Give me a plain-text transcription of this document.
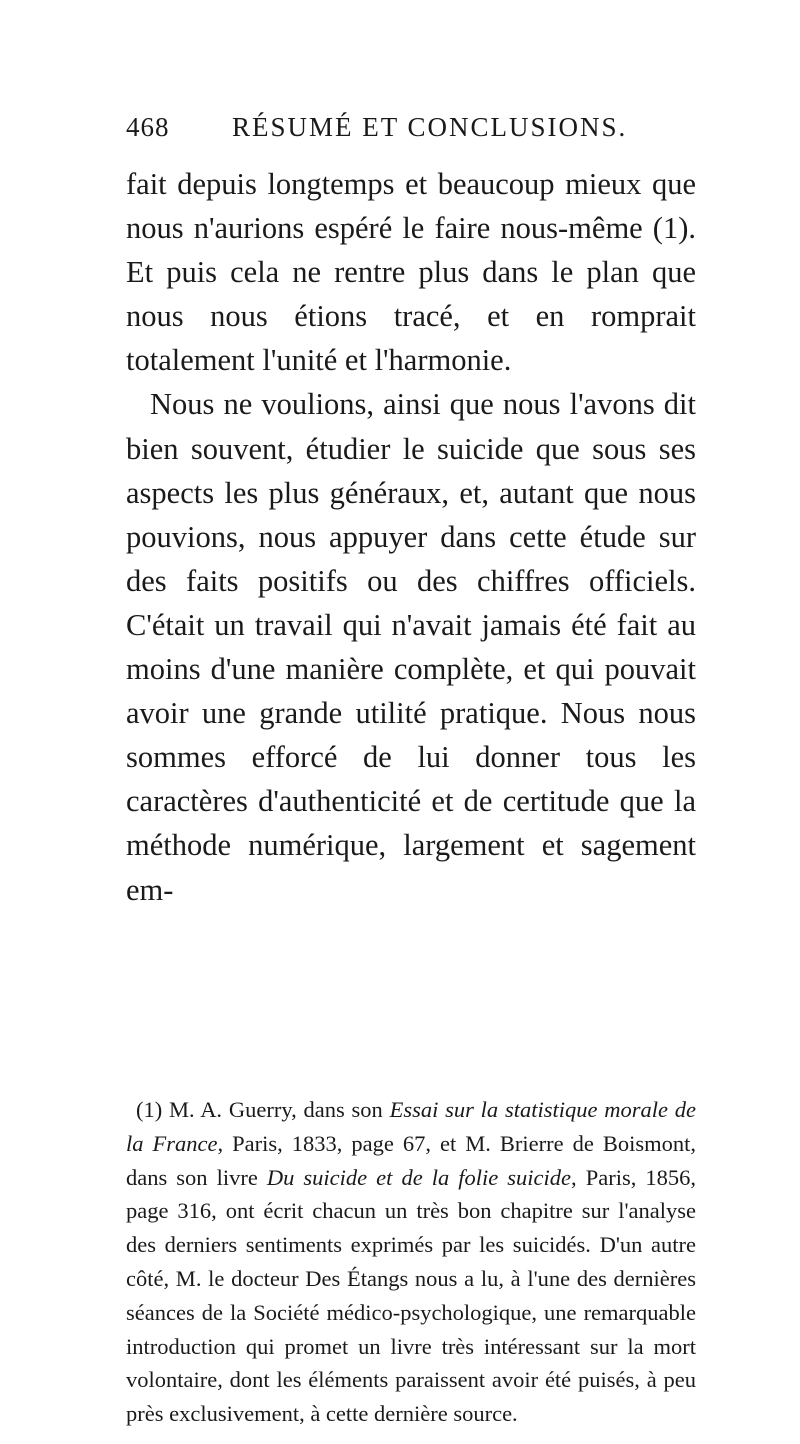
468 RÉSUMÉ ET CONCLUSIONS.

fait depuis longtemps et beaucoup mieux que nous n'aurions espéré le faire nous-même (1). Et puis cela ne rentre plus dans le plan que nous nous étions tracé, et en romprait totalement l'unité et l'harmonie.

Nous ne voulions, ainsi que nous l'avons dit bien souvent, étudier le suicide que sous ses aspects les plus généraux, et, autant que nous pouvions, nous appuyer dans cette étude sur des faits positifs ou des chiffres officiels. C'était un travail qui n'avait jamais été fait au moins d'une manière complète, et qui pouvait avoir une grande utilité pratique. Nous nous sommes efforcé de lui donner tous les caractères d'authenticité et de certitude que la méthode numérique, largement et sagement em-

(1) M. A. Guerry, dans son Essai sur la statistique morale de la France, Paris, 1833, page 67, et M. Brierre de Boismont, dans son livre Du suicide et de la folie suicide, Paris, 1856, page 316, ont écrit chacun un très bon chapitre sur l'analyse des derniers sentiments exprimés par les suicidés. D'un autre côté, M. le docteur Des Étangs nous a lu, à l'une des dernières séances de la Société médico-psychologique, une remarquable introduction qui promet un livre très intéressant sur la mort volontaire, dont les éléments paraissent avoir été puisés, à peu près exclusivement, à cette dernière source.
